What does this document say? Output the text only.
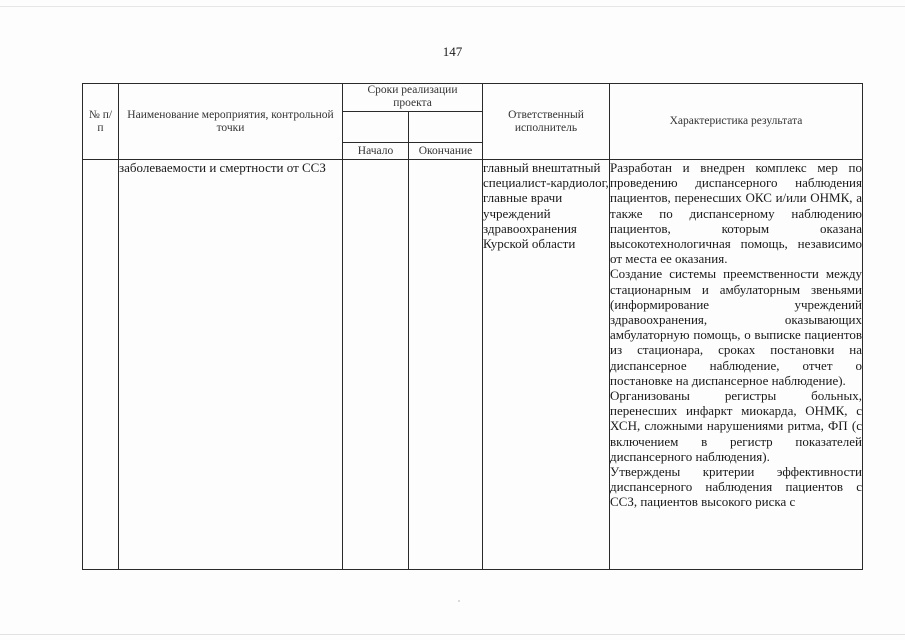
147
№ п/п	Наименование мероприятия, контрольной точки	Сроки реализации проекта		Ответственный исполнитель	Характеристика результата

		Начало	Окончание		

	заболеваемости и смертности от ССЗ			главный внештатный специалист-кардиолог, главные врачи учреждений здравоохранения Курской области	Разработан и внедрен комплекс мер по проведению диспансерного наблюдения пациентов, перенесших ОКС и/или ОНМК, а также по диспансерному наблюдению пациентов, которым оказана высокотехнологичная помощь, независимо от места ее оказания.
Создание системы преемственности между стационарным и амбулаторным звеньями (информирование учреждений здравоохранения, оказывающих амбулаторную помощь, о выписке пациентов из стационара, сроках постановки на диспансерное наблюдение, отчет о постановке на диспансерное наблюдение).
Организованы регистры больных, перенесших инфаркт миокарда, ОНМК, с ХСН, сложными нарушениями ритма, ФП (с включением в регистр показателей диспансерного наблюдения).
Утверждены критерии эффективности диспансерного наблюдения пациентов с ССЗ, пациентов высокого риска с
